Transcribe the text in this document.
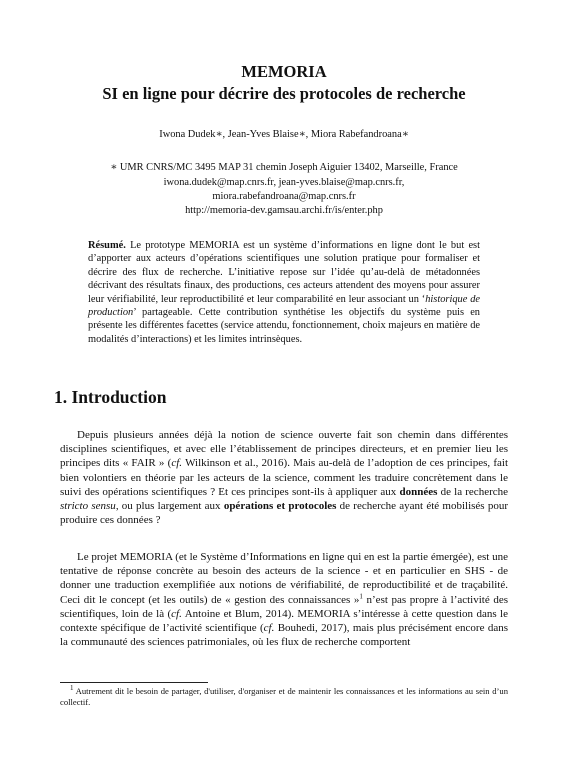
MEMORIA
SI en ligne pour décrire des protocoles de recherche
Iwona Dudek∗, Jean-Yves Blaise∗, Miora Rabefandroana∗
∗ UMR CNRS/MC 3495 MAP 31 chemin Joseph Aiguier 13402, Marseille, France
iwona.dudek@map.cnrs.fr, jean-yves.blaise@map.cnrs.fr,
miora.rabefandroana@map.cnrs.fr
http://memoria-dev.gamsau.archi.fr/is/enter.php
Résumé. Le prototype MEMORIA est un système d’informations en ligne dont le but est d’apporter aux acteurs d’opérations scientifiques une solution pratique pour formaliser et décrire des flux de recherche. L’initiative repose sur l’idée qu’au-delà de métadonnées décrivant des résultats finaux, des productions, ces acteurs attendent des moyens pour assurer leur vérifiabilité, leur reproductibilité et leur comparabilité en leur associant un ‘historique de production’ partageable. Cette contribution synthétise les objectifs du système puis en présente les différentes facettes (service attendu, fonctionnement, choix majeurs en matière de modalités d’interactions) et les limites intrinsèques.
1. Introduction

Depuis plusieurs années déjà la notion de science ouverte fait son chemin dans différentes disciplines scientifiques, et avec elle l’établissement de principes directeurs, et en premier lieu les principes dits « FAIR » (cf. Wilkinson et al., 2016). Mais au-delà de l’adoption de ces principes, fait bien volontiers en théorie par les acteurs de la science, comment les traduire concrètement dans le suivi des opérations scientifiques ? Et ces principes sont-ils à appliquer aux données de la recherche stricto sensu, ou plus largement aux opérations et protocoles de recherche ayant été mobilisés pour produire ces données ?

Le projet MEMORIA (et le Système d’Informations en ligne qui en est la partie émergée), est une tentative de réponse concrète au besoin des acteurs de la science - et en particulier en SHS - de donner une traduction exemplifiée aux notions de vérifiabilité, de reproductibilité et de traçabilité. Ceci dit le concept (et les outils) de « gestion des connaissances »$^1$ n’est pas propre à l’activité des scientifiques, loin de là (cf. Antoine et Blum, 2014). MEMORIA s’intéresse à cette question dans le contexte spécifique de l’activité scientifique (cf. Bouhedi, 2017), mais plus précisément encore dans la communauté des sciences patrimoniales, où les flux de recherche comportent

$^1$ Autrement dit le besoin de partager, d'utiliser, d'organiser et de maintenir les connaissances et les informations au sein d’un collectif.
